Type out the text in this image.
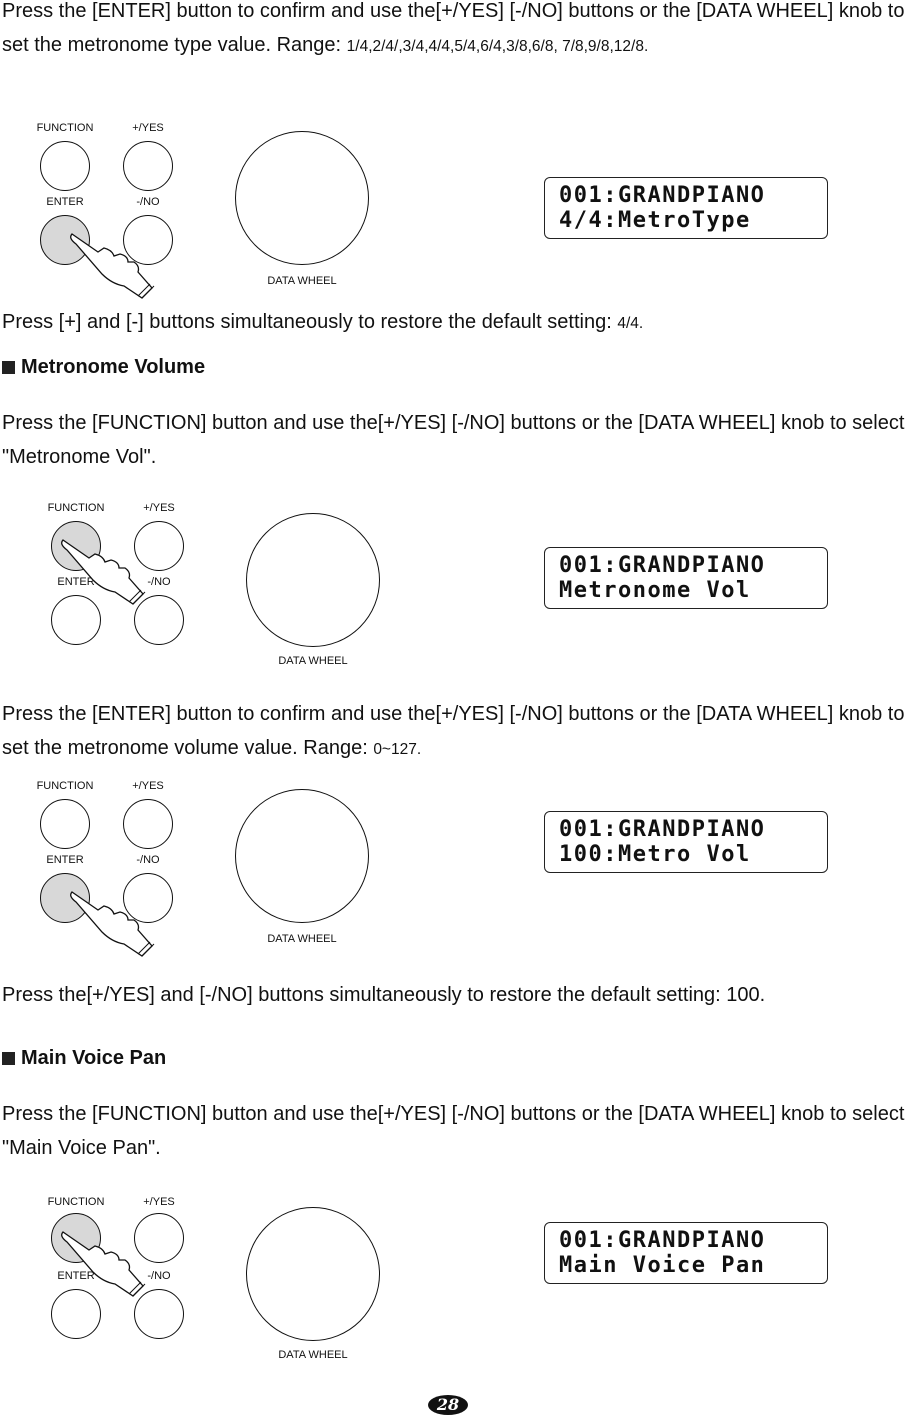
Press the [ENTER] button to confirm and use the[+/YES] [-/NO] buttons or the [DATA WHEEL] knob to set the metronome type value. Range: 1/4,2/4/,3/4,4/4,5/4,6/4,3/8,6/8, 7/8,9/8,12/8.

FUNCTION	+/YES
ENTER	-/NO
DATA WHEEL
001:GRANDPIANO
4/4:MetroType

Press [+] and [-] buttons simultaneously to restore the default setting: 4/4.

Metronome Volume

Press the [FUNCTION] button and use the[+/YES] [-/NO] buttons or the [DATA WHEEL] knob to select "Metronome Vol".

FUNCTION	+/YES
ENTER	-/NO
DATA WHEEL
001:GRANDPIANO
Metronome Vol

Press the [ENTER] button to confirm and use the[+/YES] [-/NO] buttons or the [DATA WHEEL] knob to set the metronome volume value. Range: 0~127.

FUNCTION	+/YES
ENTER	-/NO
DATA WHEEL
001:GRANDPIANO
100:Metro Vol

Press the[+/YES] and [-/NO] buttons simultaneously to restore the default setting: 100.

Main Voice Pan

Press the [FUNCTION] button and use the[+/YES] [-/NO] buttons or the [DATA WHEEL] knob to select "Main Voice Pan".

FUNCTION	+/YES
ENTER	-/NO
DATA WHEEL
001:GRANDPIANO
Main Voice Pan
28
